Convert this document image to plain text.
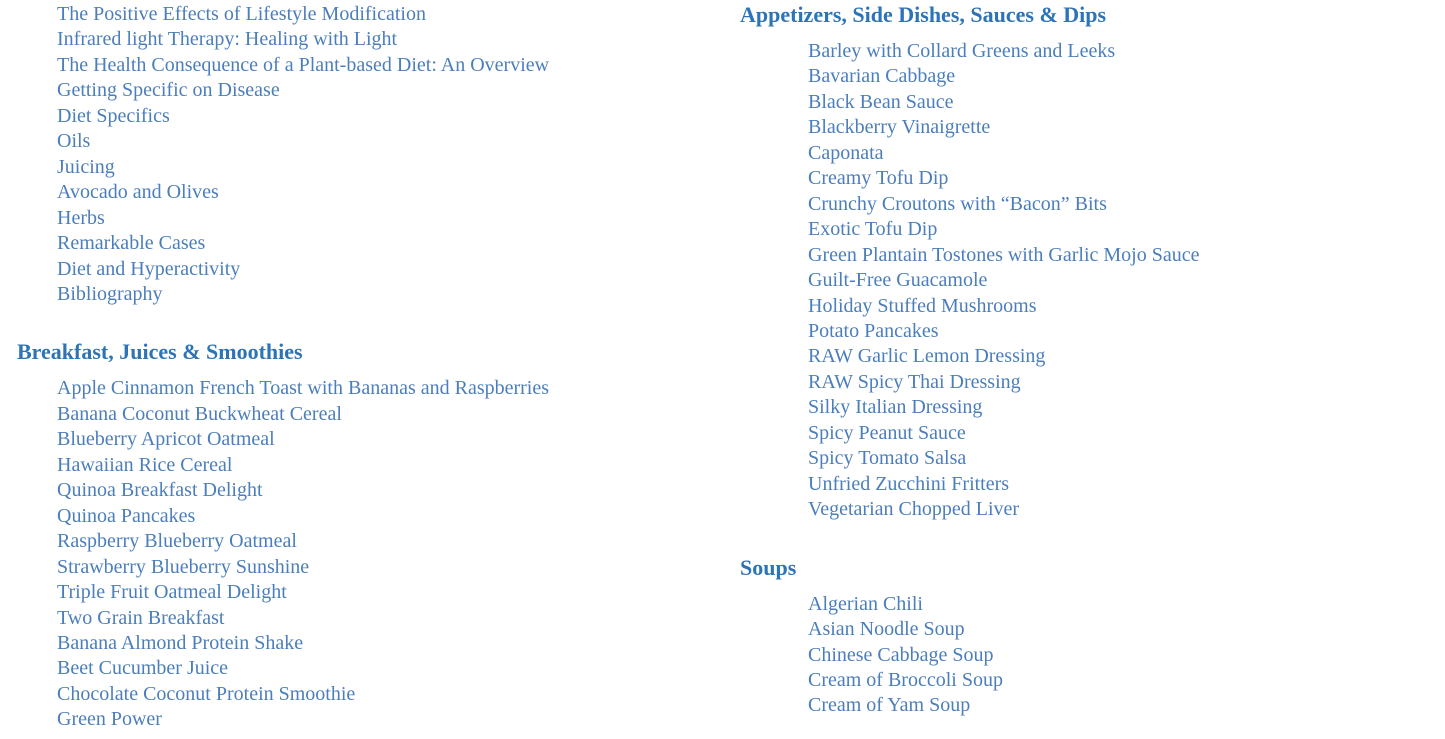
The Positive Effects of Lifestyle Modification
Infrared light Therapy: Healing with Light
The Health Consequence of a Plant-based Diet: An Overview
Getting Specific on Disease
Diet Specifics
Oils
Juicing
Avocado and Olives
Herbs
Remarkable Cases
Diet and Hyperactivity
Bibliography
Breakfast, Juices & Smoothies
Apple Cinnamon French Toast with Bananas and Raspberries
Banana Coconut Buckwheat Cereal
Blueberry Apricot Oatmeal
Hawaiian Rice Cereal
Quinoa Breakfast Delight
Quinoa Pancakes
Raspberry Blueberry Oatmeal
Strawberry Blueberry Sunshine
Triple Fruit Oatmeal Delight
Two Grain Breakfast
Banana Almond Protein Shake
Beet Cucumber Juice
Chocolate Coconut Protein Smoothie
Green Power
Appetizers, Side Dishes, Sauces & Dips
Barley with Collard Greens and Leeks
Bavarian Cabbage
Black Bean Sauce
Blackberry Vinaigrette
Caponata
Creamy Tofu Dip
Crunchy Croutons with “Bacon” Bits
Exotic Tofu Dip
Green Plantain Tostones with Garlic Mojo Sauce
Guilt-Free Guacamole
Holiday Stuffed Mushrooms
Potato Pancakes
RAW Garlic Lemon Dressing
RAW Spicy Thai Dressing
Silky Italian Dressing
Spicy Peanut Sauce
Spicy Tomato Salsa
Unfried Zucchini Fritters
Vegetarian Chopped Liver
Soups
Algerian Chili
Asian Noodle Soup
Chinese Cabbage Soup
Cream of Broccoli Soup
Cream of Yam Soup
